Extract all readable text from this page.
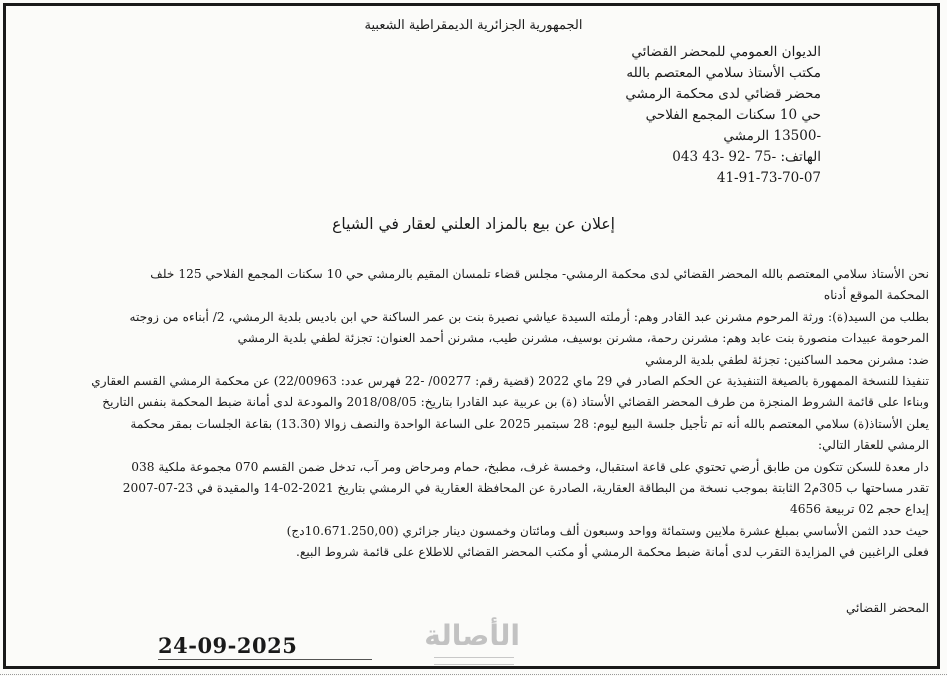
الجمهورية الجزائرية الديمقراطية الشعبية
الديوان العمومي للمحضر القضائي
مكتب الأستاذ سلامي المعتصم بالله
محضر قضائي لدى محكمة الرمشي
حي 10 سكنات المجمع الفلاحي
-13500 الرمشي
الهاتف: -75 -92 -43 043
41-91-73-70-07
إعلان عن بيع بالمزاد العلني لعقار في الشياع

نحن الأستاذ سلامي المعتصم بالله المحضر القضائي لدى محكمة الرمشي- مجلس قضاء تلمسان المقيم بالرمشي حي 10 سكنات المجمع الفلاحي 125 خلف

المحكمة الموقع أدناه

بطلب من السيد(ة): ورثة المرحوم مشرنن عبد القادر وهم: أرملته السيدة عياشي نصيرة بنت بن عمر الساكنة حي ابن باديس بلدية الرمشي، 2/ أبناءه من زوجته

المرحومة عبيدات منصورة بنت عابد وهم: مشرنن رحمة، مشرنن بوسيف، مشرنن طيب، مشرنن أحمد العنوان: تجزئة لطفي بلدية الرمشي

ضد: مشرنن محمد الساكنين: تجزئة لطفي بلدية الرمشي

تنفيذا للنسخة الممهورة بالصيغة التنفيذية عن الحكم الصادر في 29 ماي 2022 (قضية رقم: 00277/ -22 فهرس عدد: 22/00963) عن محكمة الرمشي القسم العقاري

وبناءا على قائمة الشروط المنجزة من طرف المحضر القضائي الأستاذ (ة) بن عربية عبد القادرا بتاريخ: 2018/08/05 والمودعة لدى أمانة ضبط المحكمة بنفس التاريخ

يعلن الأستاذ(ة) سلامي المعتصم بالله أنه تم تأجيل جلسة البيع ليوم: 28 سبتمبر 2025 على الساعة الواحدة والنصف زوالا (13.30) بقاعة الجلسات بمقر محكمة

الرمشي للعقار التالي:

دار معدة للسكن تتكون من طابق أرضي تحتوي على قاعة استقبال، وخمسة غرف، مطبخ، حمام ومرحاض ومر آب، تدخل ضمن القسم 070 مجموعة ملكية 038

تقدر مساحتها ب 305م2 الثابتة بموجب نسخة من البطاقة العقارية، الصادرة عن المحافظة العقارية في الرمشي بتاريخ 2021-02-14 والمقيدة في 23-07-2007

إيداع حجم 02 تربيعة 4656

حيث حدد الثمن الأساسي بمبلغ عشرة ملايين وستمائة وواحد وسبعون ألف ومائتان وخمسون دينار جزائري (10.671.250,00دج)

فعلى الراغبين في المزايدة التقرب لدى أمانة ضبط محكمة الرمشي أو مكتب المحضر القضائي للاطلاع على قائمة شروط البيع.

المحضر القضائي
الأصالة
24-09-2025
